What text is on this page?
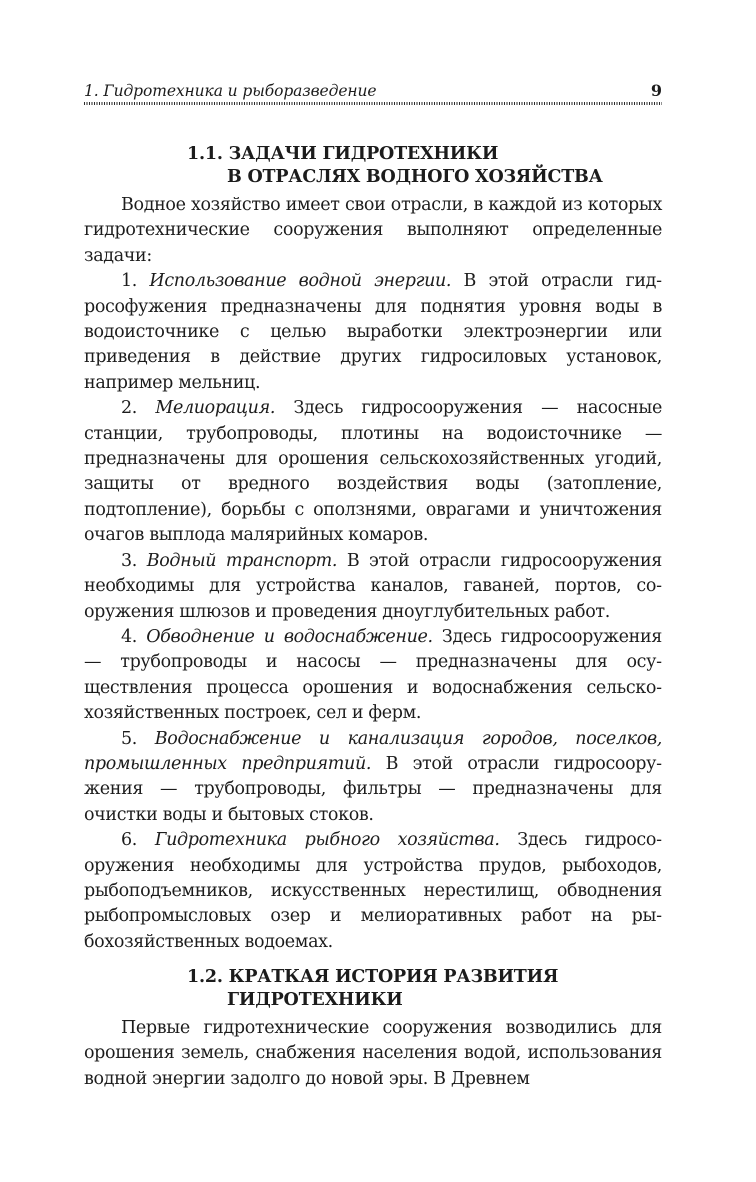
1. Гидротехника и рыборазведение	9
1.1. ЗАДАЧИ ГИДРОТЕХНИКИ
В ОТРАСЛЯХ ВОДНОГО ХОЗЯЙСТВА

Водное хозяйство имеет свои отрасли, в каждой из которых гидротехнические сооружения выполняют определенные задачи:

1. Использование водной энергии. В этой отрасли гидрософужения предназначены для поднятия уровня воды в водоисточнике с целью выработки электроэнергии или приведения в действие других гидросиловых установок, например мельниц.

2. Мелиорация. Здесь гидросооружения — насосные станции, трубопроводы, плотины на водоисточнике — предназначены для орошения сельскохозяйственных угодий, защиты от вредного воздействия воды (затопление, подтопление), борьбы с оползнями, оврагами и уничтожения очагов выплода малярийных комаров.

3. Водный транспорт. В этой отрасли гидросооружения необходимы для устройства каналов, гаваней, портов, сооружения шлюзов и проведения дноуглубительных работ.

4. Обводнение и водоснабжение. Здесь гидросооружения — трубопроводы и насосы — предназначены для осуществления процесса орошения и водоснабжения сельскохозяйственных построек, сел и ферм.

5. Водоснабжение и канализация городов, поселков, промышленных предприятий. В этой отрасли гидросооружения — трубопроводы, фильтры — предназначены для очистки воды и бытовых стоков.

6. Гидротехника рыбного хозяйства. Здесь гидросооружения необходимы для устройства прудов, рыбоходов, рыбоподъемников, искусственных нерестилищ, обводнения рыбопромысловых озер и мелиоративных работ на рыбохозяйственных водоемах.

1.2. КРАТКАЯ ИСТОРИЯ РАЗВИТИЯ
ГИДРОТЕХНИКИ

Первые гидротехнические сооружения возводились для орошения земель, снабжения населения водой, использования водной энергии задолго до новой эры. В Древнем
